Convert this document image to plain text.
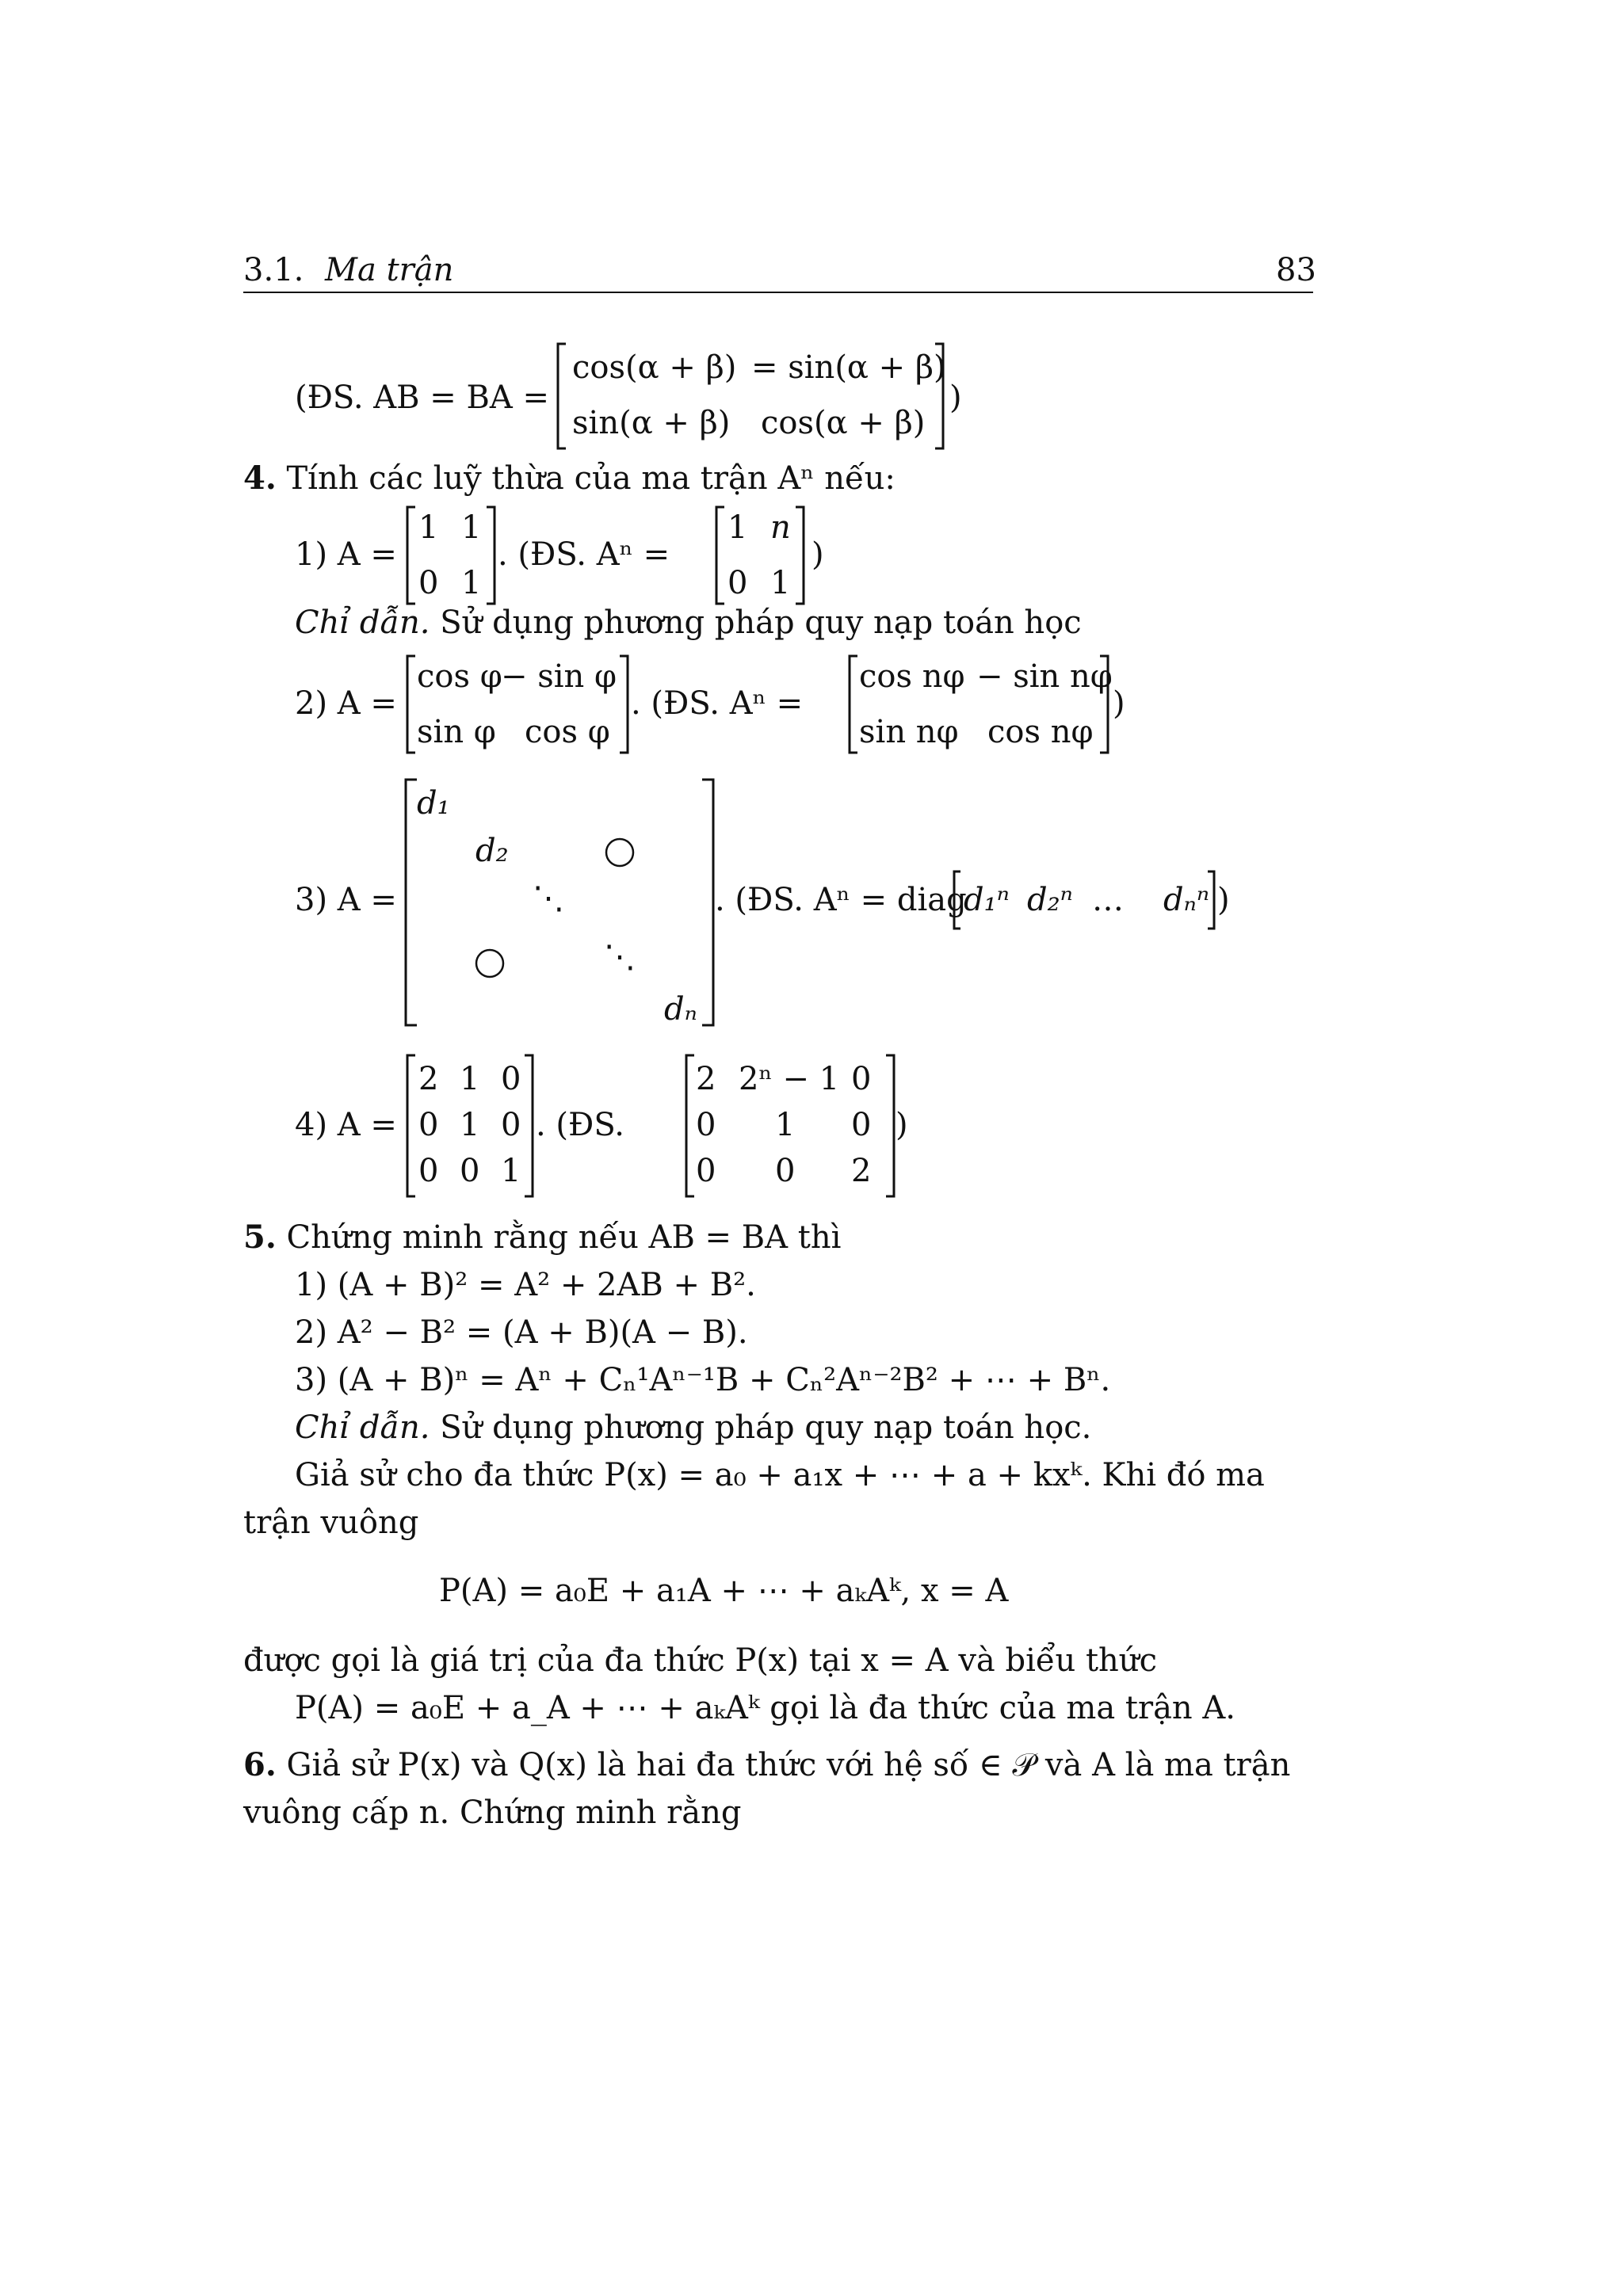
3.1. Ma trận	83
(ĐS. AB = BA =
cos(α + β) = sin(α + β)
sin(α + β) cos(α + β)
)
4. Tính các luỹ thừa của ma trận Aⁿ nếu:
1) A =
1 1
0 1
. (ĐS. Aⁿ =
1 n
0 1
)
Chỉ dẫn. Sử dụng phương pháp quy nạp toán học
2) A =
cos φ
− sin φ
sin φ cos φ
. (ĐS. Aⁿ =
cos nφ − sin nφ
sin nφ cos nφ
)
3) A =
d₁
d₂
⋱
⋱
dₙ
. (ĐS. Aⁿ = diag
d₁ⁿ d₂ⁿ … dₙⁿ )
4) A =
2 1 0
0 1 0
0 0 1
. (ĐS.
2 2ⁿ − 1 0
0 1 0
0 0 2
)
5. Chứng minh rằng nếu AB = BA thì
1) (A + B)² = A² + 2AB + B².
2) A² − B² = (A + B)(A − B).
3) (A + B)ⁿ = Aⁿ + Cₙ¹Aⁿ⁻¹B + Cₙ²Aⁿ⁻²B² + ⋯ + Bⁿ.
Chỉ dẫn. Sử dụng phương pháp quy nạp toán học.
Giả sử cho đa thức P(x) = a₀ + a₁x + ⋯ + a + kxᵏ. Khi đó ma
trận vuông
P(A) = a₀E + a₁A + ⋯ + aₖAᵏ, x = A
được gọi là giá trị của đa thức P(x) tại x = A và biểu thức
P(A) = a₀E + a_A + ⋯ + aₖAᵏ gọi là đa thức của ma trận A.
6. Giả sử P(x) và Q(x) là hai đa thức với hệ số ∈ 𝒫 và A là ma trận
vuông cấp n. Chứng minh rằng
